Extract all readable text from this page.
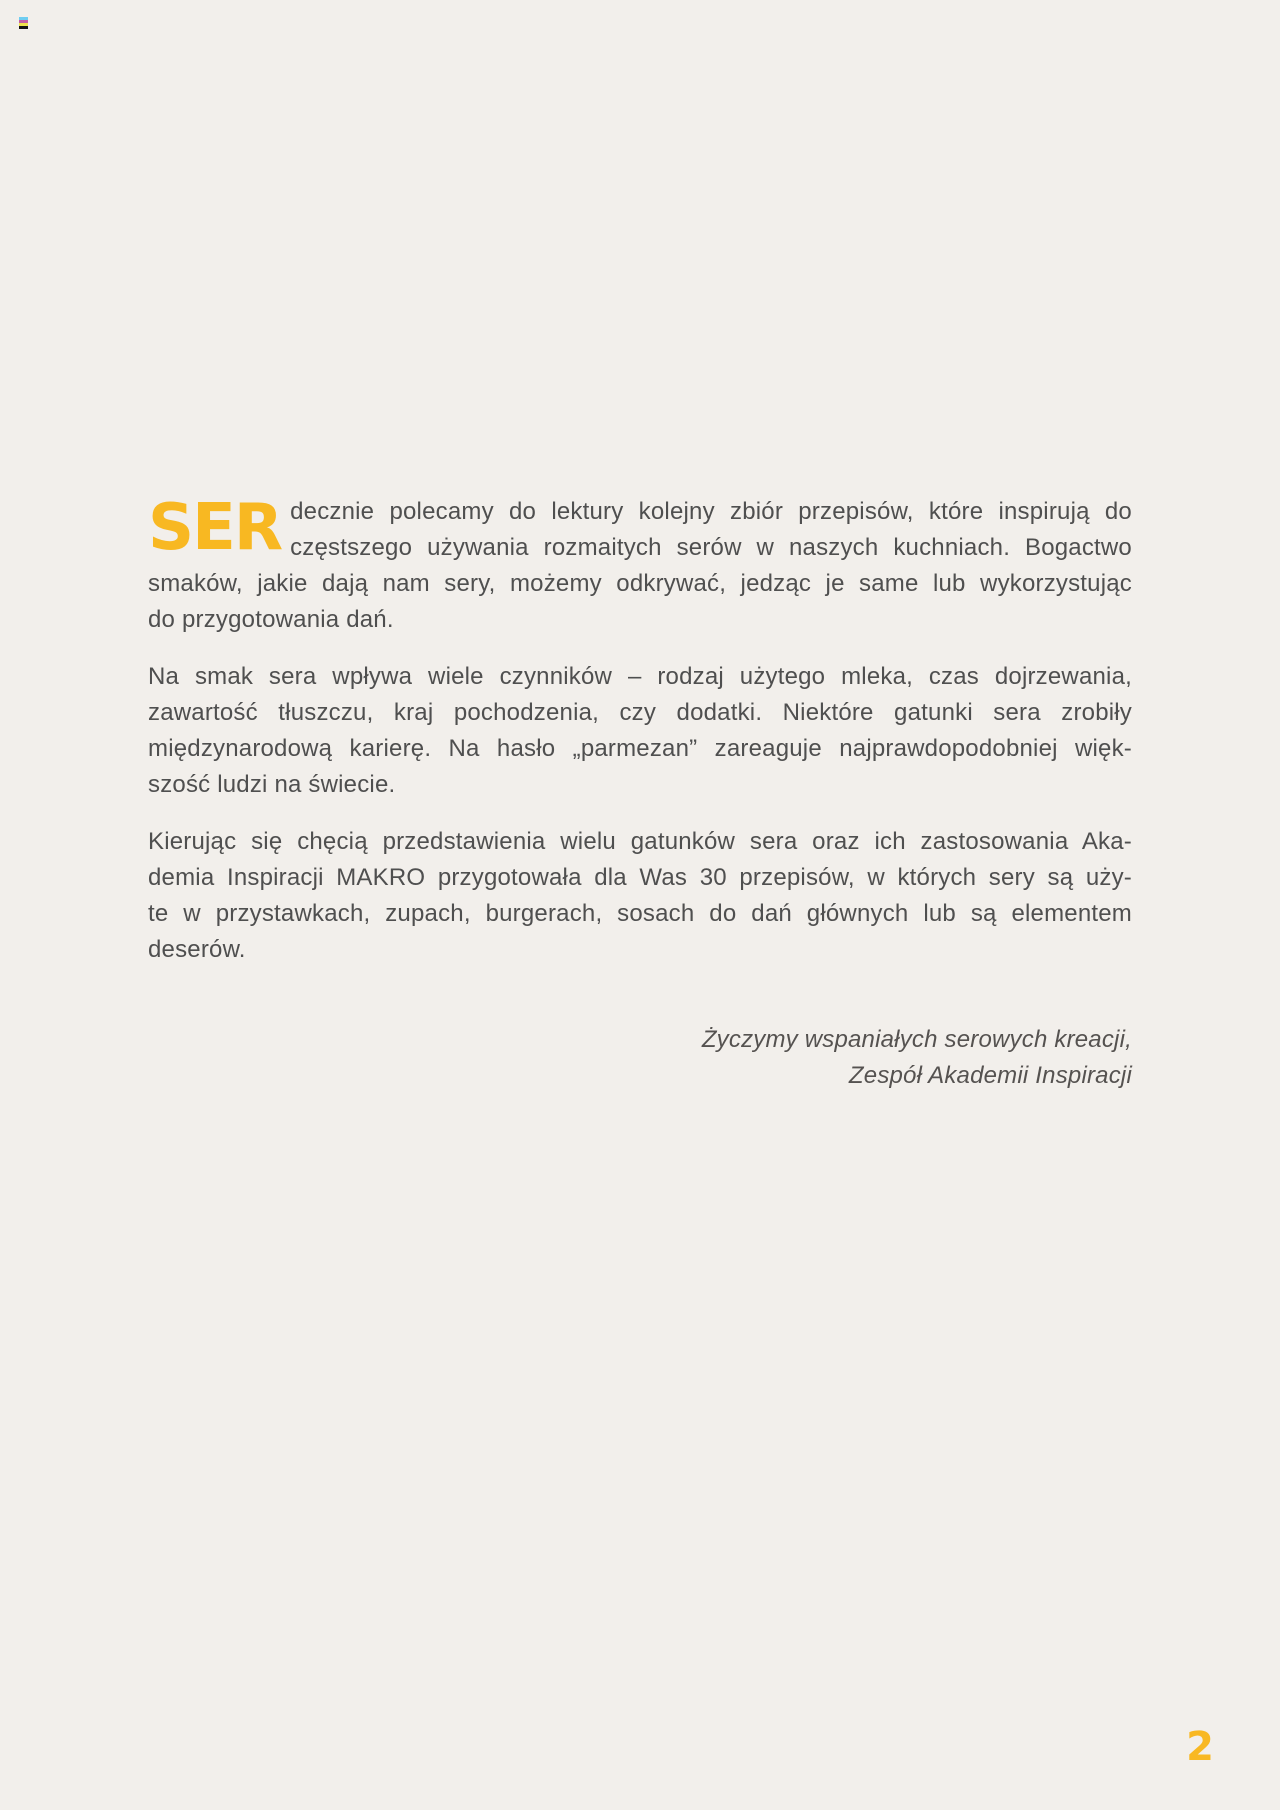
SER decznie polecamy do lektury kolejny zbiór przepisów, które inspirują do
częstszego używania rozmaitych serów w naszych kuchniach. Bogactwo
smaków, jakie dają nam sery, możemy odkrywać, jedząc je same lub wykorzystując
do przygotowania dań.
Na smak sera wpływa wiele czynników – rodzaj użytego mleka, czas dojrzewania,
zawartość tłuszczu, kraj pochodzenia, czy dodatki. Niektóre gatunki sera zrobiły
międzynarodową karierę. Na hasło „parmezan” zareaguje najprawdopodobniej więk-
szość ludzi na świecie.
Kierując się chęcią przedstawienia wielu gatunków sera oraz ich zastosowania Aka-
demia Inspiracji MAKRO przygotowała dla Was 30 przepisów, w których sery są uży-
te w przystawkach, zupach, burgerach, sosach do dań głównych lub są elementem
deserów.
Życzymy wspaniałych serowych kreacji,
Zespół Akademii Inspiracji
2
